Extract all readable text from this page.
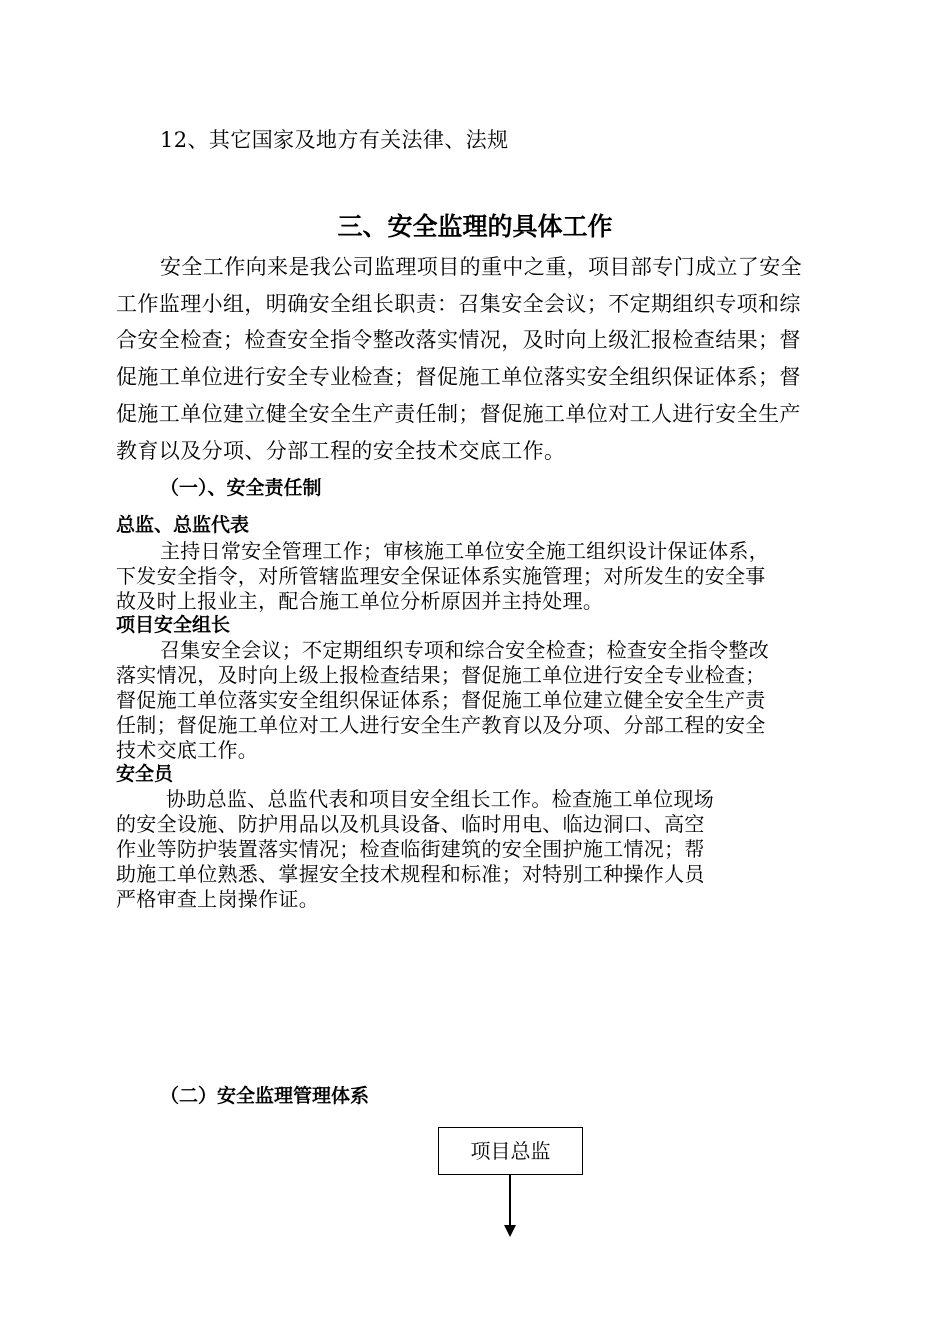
12、其它国家及地方有关法律、法规
三、安全监理的具体工作
安全工作向来是我公司监理项目的重中之重，项目部专门成立了安全
工作监理小组，明确安全组长职责：召集安全会议；不定期组织专项和综
合安全检查；检查安全指令整改落实情况，及时向上级汇报检查结果；督
促施工单位进行安全专业检查；督促施工单位落实安全组织保证体系；督
促施工单位建立健全安全生产责任制；督促施工单位对工人进行安全生产
教育以及分项、分部工程的安全技术交底工作。
（一）、安全责任制
总监、总监代表
主持日常安全管理工作；审核施工单位安全施工组织设计保证体系，
下发安全指令，对所管辖监理安全保证体系实施管理；对所发生的安全事
故及时上报业主，配合施工单位分析原因并主持处理。
项目安全组长
召集安全会议；不定期组织专项和综合安全检查；检查安全指令整改
落实情况，及时向上级上报检查结果；督促施工单位进行安全专业检查；
督促施工单位落实安全组织保证体系；督促施工单位建立健全安全生产责
任制；督促施工单位对工人进行安全生产教育以及分项、分部工程的安全
技术交底工作。
安全员
协助总监、总监代表和项目安全组长工作。检查施工单位现场
的安全设施、防护用品以及机具设备、临时用电、临边洞口、高空
作业等防护装置落实情况；检查临街建筑的安全围护施工情况；帮
助施工单位熟悉、掌握安全技术规程和标准；对特别工种操作人员
严格审查上岗操作证。
（二）安全监理管理体系
项目总监
